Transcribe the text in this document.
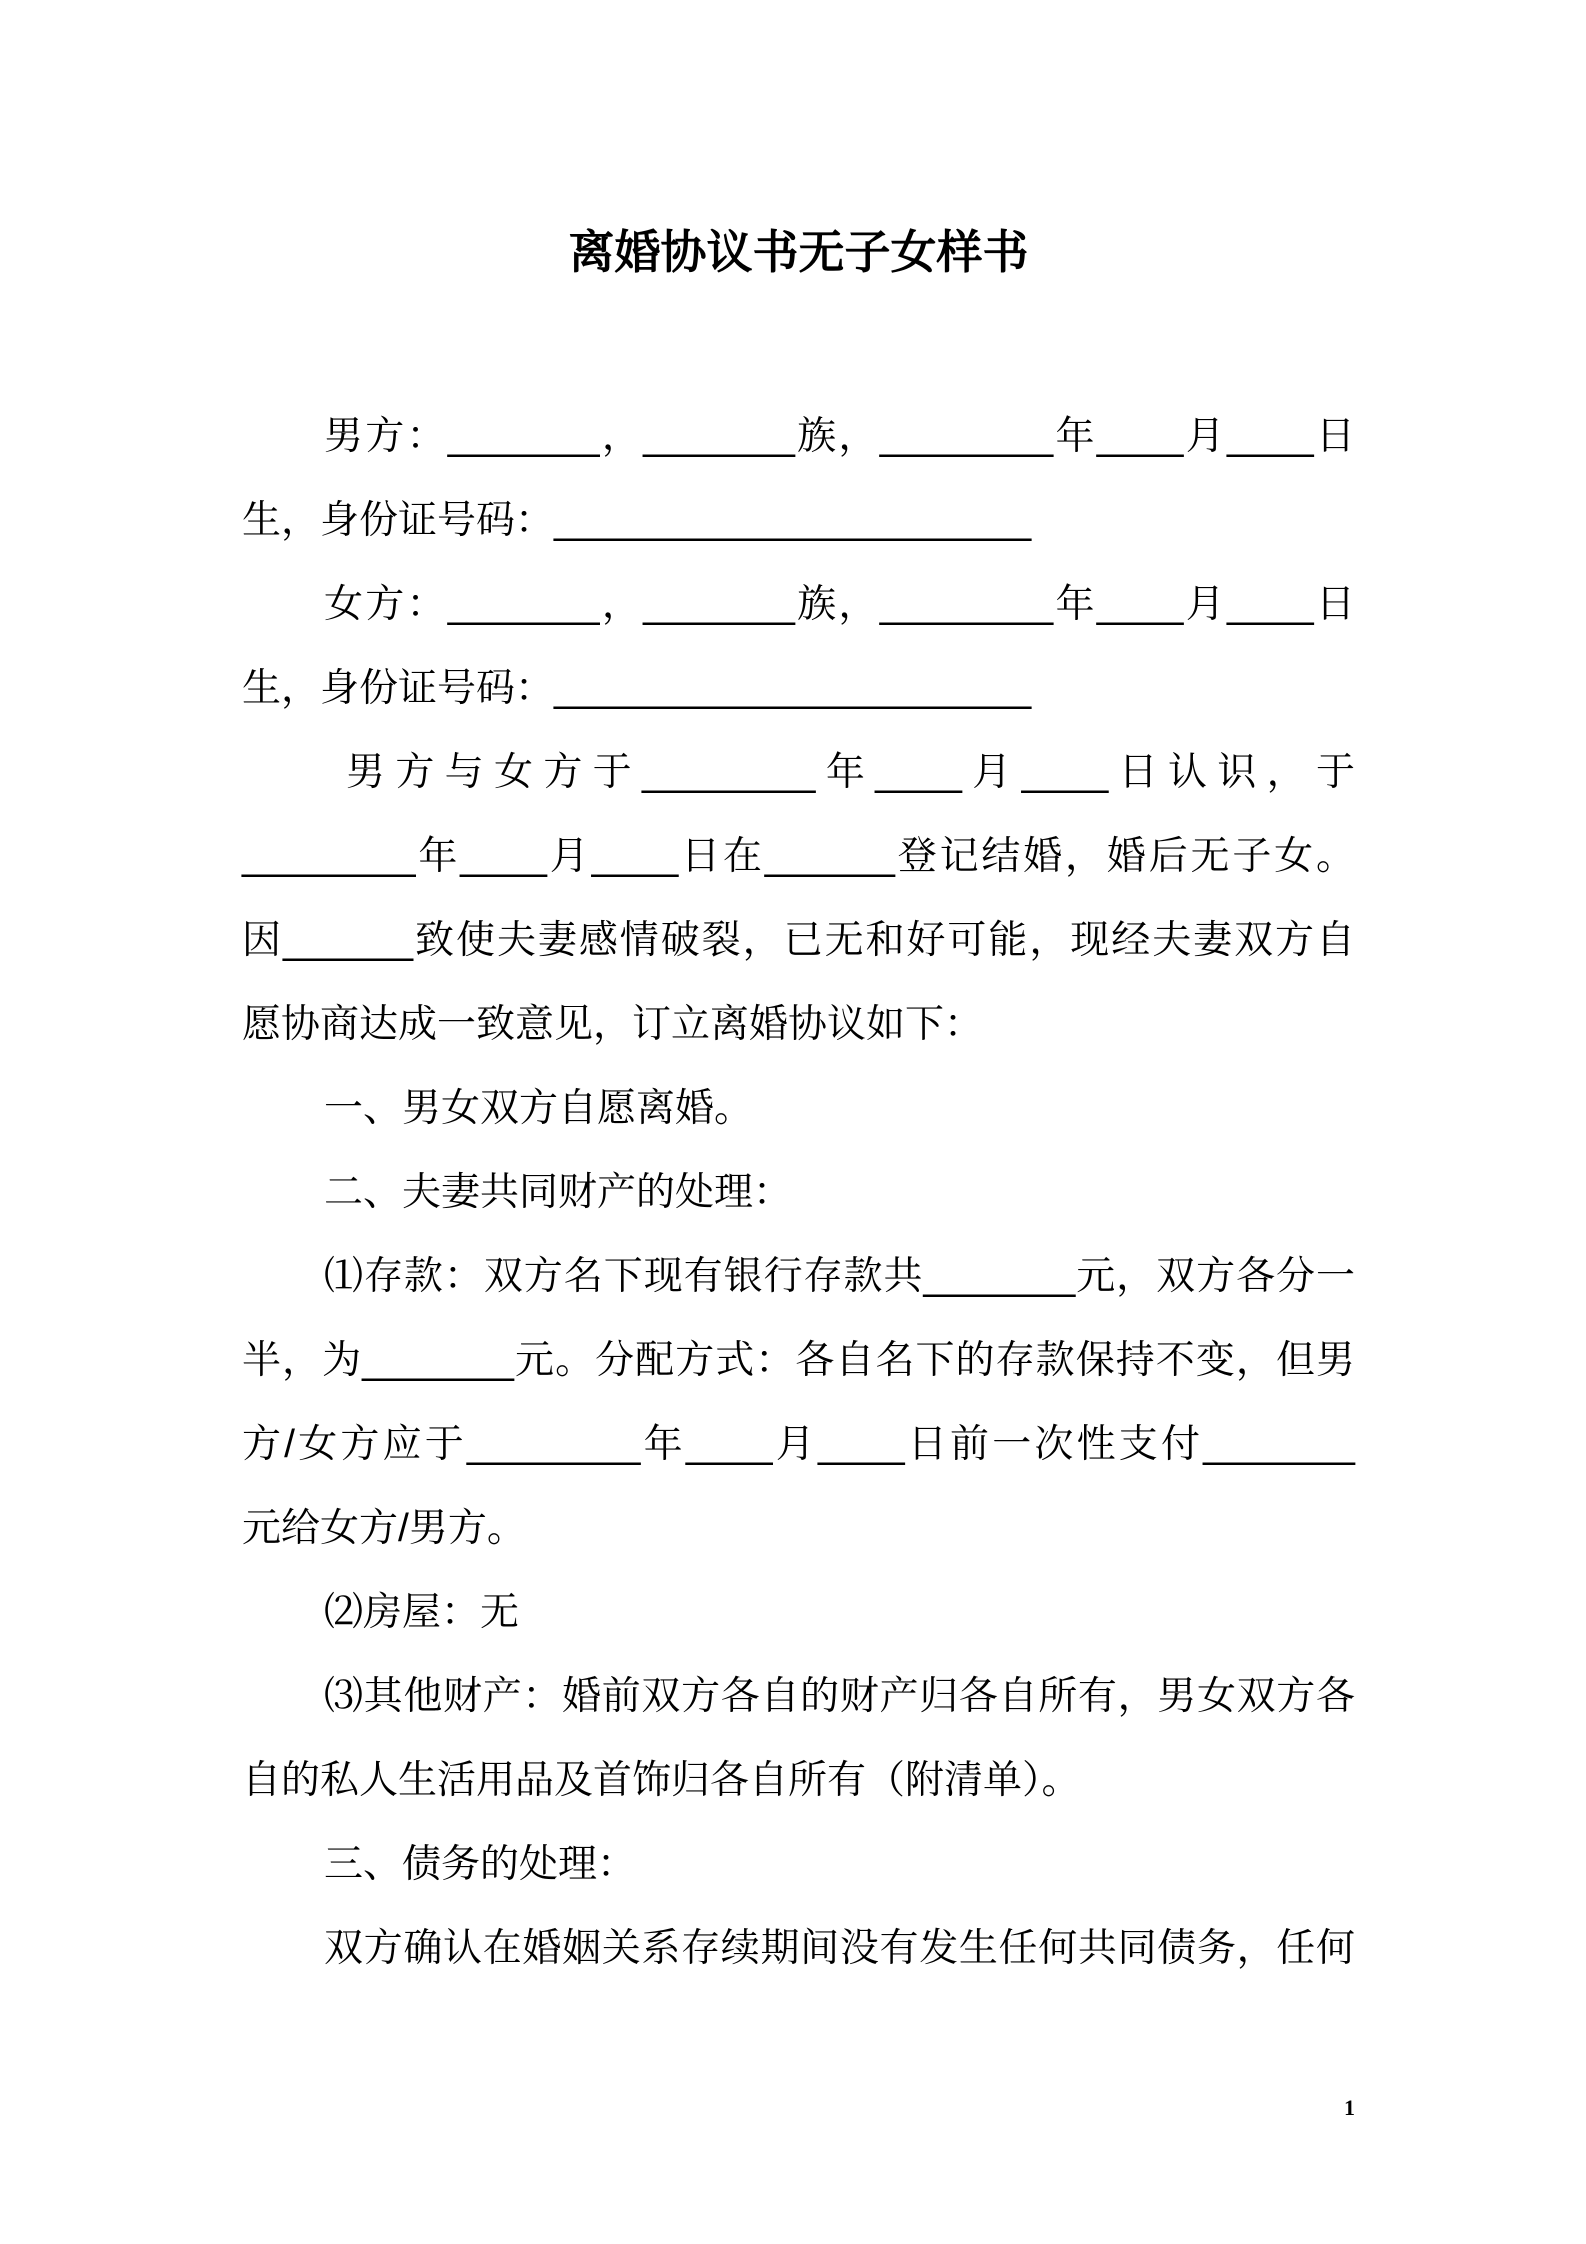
离婚协议书无子女样书
男方：_______，_______族，________年____月____日
生，身份证号码：______________________
女方：_______，_______族，________年____月____日
生，身份证号码：______________________
男方与女方于________年____月____日认识，于
________年____月____日在______登记结婚，婚后无子女。
因______致使夫妻感情破裂，已无和好可能，现经夫妻双方自
愿协商达成一致意见，订立离婚协议如下：
一、男女双方自愿离婚。
二、夫妻共同财产的处理：
⑴存款：双方名下现有银行存款共_______元，双方各分一
半，为_______元。分配方式：各自名下的存款保持不变，但男
方/女方应于________年____月____日前一次性支付_______
元给女方/男方。
⑵房屋：无
⑶其他财产：婚前双方各自的财产归各自所有，男女双方各
自的私人生活用品及首饰归各自所有（附清单）。
三、债务的处理：
双方确认在婚姻关系存续期间没有发生任何共同债务，任何
1
